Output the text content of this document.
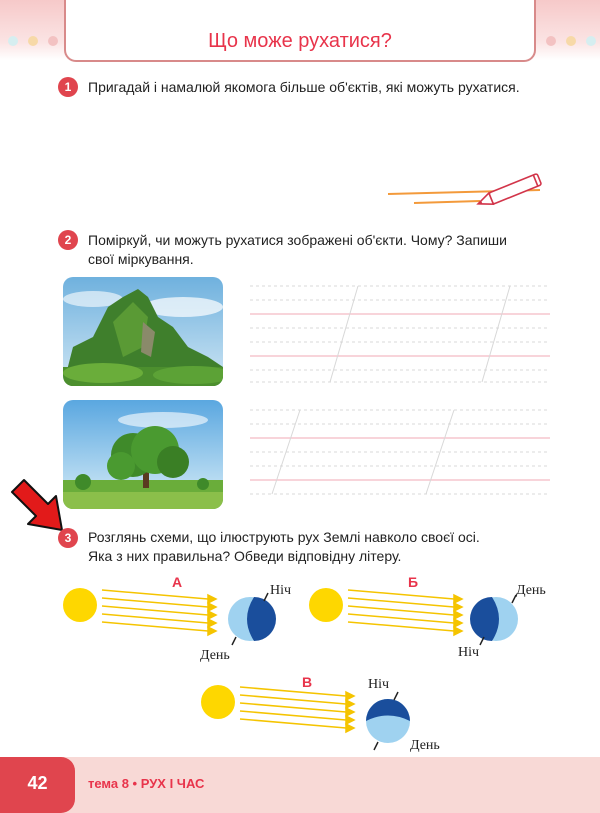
Що може рухатися?
1	Пригадай і намалюй якомога більше об'єктів, які можуть рухатися.
2	Поміркуй, чи можуть рухатися зображені об'єкти. Чому? Запиши
свої міркування.
3	Розглянь схеми, що ілюструють рух Землі навколо своєї осі.
Яка з них правильна? Обведи відповідну літеру.
А
Ніч
День
Б
День
Ніч
В	Ніч
День
42	тема 8 • РУХ І ЧАС
